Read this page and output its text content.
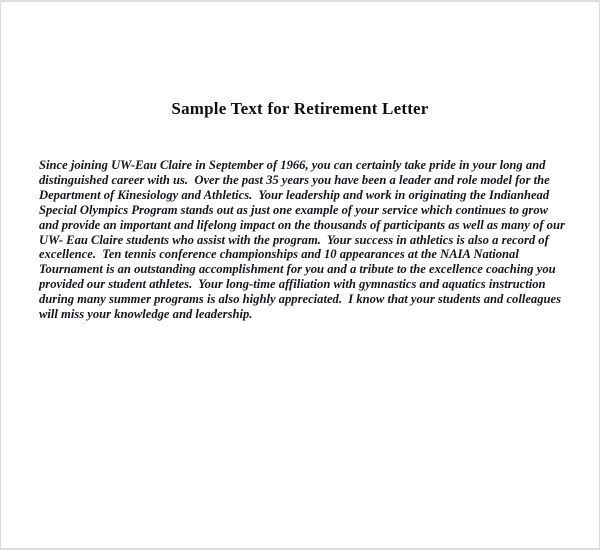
Sample Text for Retirement Letter

Since joining UW-Eau Claire in September of 1966, you can certainly take pride in your long and distinguished career with us.  Over the past 35 years you have been a leader and role model for the Department of Kinesiology and Athletics.  Your leadership and work in originating the Indianhead Special Olympics Program stands out as just one example of your service which continues to grow and provide an important and lifelong impact on the thousands of participants as well as many of our UW- Eau Claire students who assist with the program.  Your success in athletics is also a record of excellence.  Ten tennis conference championships and 10 appearances at the NAIA National Tournament is an outstanding accomplishment for you and a tribute to the excellence coaching you provided our student athletes.  Your long-time affiliation with gymnastics and aquatics instruction during many summer programs is also highly appreciated.  I know that your students and colleagues will miss your knowledge and leadership.
